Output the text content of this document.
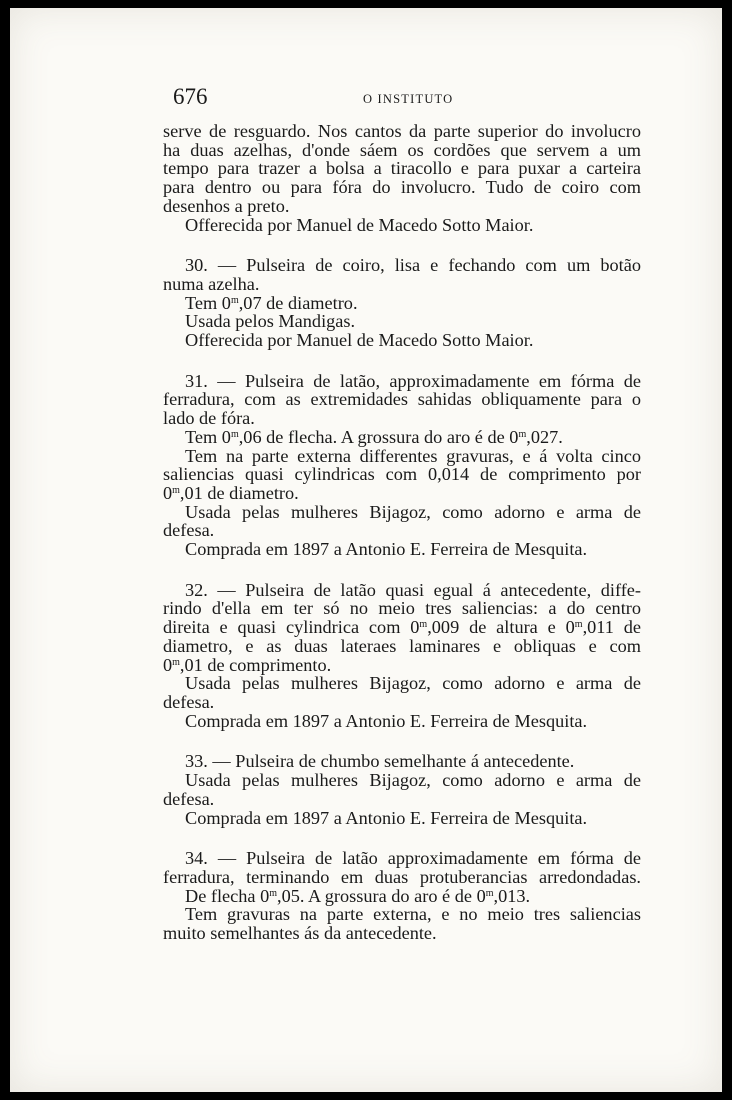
676	O INSTITUTO
serve de resguardo. Nos cantos da parte superior do involucro
ha duas azelhas, d'onde sáem os cordões que servem a um
tempo para trazer a bolsa a tiracollo e para puxar a carteira
para dentro ou para fóra do involucro. Tudo de coiro com
desenhos a preto.
Offerecida por Manuel de Macedo Sotto Maior.
30. — Pulseira de coiro, lisa e fechando com um botão
numa azelha.
Tem 0$^m$,07 de diametro.
Usada pelos Mandigas.
Offerecida por Manuel de Macedo Sotto Maior.
31. — Pulseira de latão, approximadamente em fórma de
ferradura, com as extremidades sahidas obliquamente para o
lado de fóra.
Tem 0$^m$,06 de flecha. A grossura do aro é de 0$^m$,027.
Tem na parte externa differentes gravuras, e á volta cinco
saliencias quasi cylindricas com 0,014 de comprimento por
0$^m$,01 de diametro.
Usada pelas mulheres Bijagoz, como adorno e arma de
defesa.
Comprada em 1897 a Antonio E. Ferreira de Mesquita.
32. — Pulseira de latão quasi egual á antecedente, diffe-
rindo d'ella em ter só no meio tres saliencias: a do centro
direita e quasi cylindrica com 0$^m$,009 de altura e 0$^m$,011 de
diametro, e as duas lateraes laminares e obliquas e com
0$^m$,01 de comprimento.
Usada pelas mulheres Bijagoz, como adorno e arma de
defesa.
Comprada em 1897 a Antonio E. Ferreira de Mesquita.
33. — Pulseira de chumbo semelhante á antecedente.
Usada pelas mulheres Bijagoz, como adorno e arma de
defesa.
Comprada em 1897 a Antonio E. Ferreira de Mesquita.
34. — Pulseira de latão approximadamente em fórma de
ferradura, terminando em duas protuberancias arredondadas.
De flecha 0$^m$,05. A grossura do aro é de 0$^m$,013.
Tem gravuras na parte externa, e no meio tres saliencias
muito semelhantes ás da antecedente.
